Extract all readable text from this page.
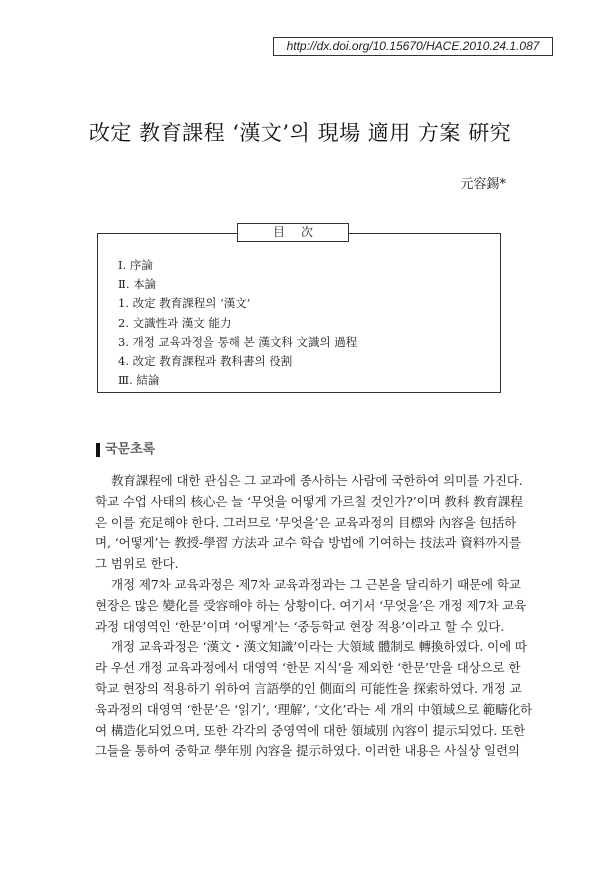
http://dx.doi.org/10.15670/HACE.2010.24.1.087
改定 教育課程 ‘漢文’의 現場 適用 方案 硏究
元容錫*
目次
Ⅰ. 序論
Ⅱ. 本論
1. 改定 教育課程의 ‘漢文’
2. 文識性과 漢文 能力
3. 개정 교육과정을 통해 본 漢文科 文識의 過程
4. 改定 教育課程과 教科書의 役割
Ⅲ. 結論
국문초록
教育課程에 대한 관심은 그 교과에 종사하는 사람에 국한하여 의미를 가진다.
학교 수업 사태의 核心은 늘 ‘무엇을 어떻게 가르칠 것인가?’이며 教科 教育課程
은 이를 充足해야 한다. 그러므로 ‘무엇을’은 교육과정의 目標와 內容을 包括하
며, ‘어떻게’는 教授-學習 方法과 교수 학습 방법에 기여하는 技法과 資料까지를
그 범위로 한다.
개정 제7차 교육과정은 제7차 교육과정과는 그 근본을 달리하기 때문에 학교
현장은 많은 變化를 受容해야 하는 상황이다. 여기서 ‘무엇을’은 개정 제7차 교육
과정 대영역인 ‘한문’이며 ‘어떻게’는 ‘중등학교 현장 적용’이라고 할 수 있다.
개정 교육과정은 ‘漢文・漢文知識’이라는 大領域 體制로 轉換하였다. 이에 따
라 우선 개정 교육과정에서 대영역 ‘한문 지식’을 제외한 ‘한문’만을 대상으로 한
학교 현장의 적용하기 위하여 言語學的인 側面의 可能性을 探索하였다. 개정 교
육과정의 대영역 ‘한문’은 ‘읽기’, ‘理解’, ‘文化’라는 세 개의 中領域으로 範疇化하
여 構造化되었으며, 또한 각각의 중영역에 대한 領域別 內容이 提示되었다. 또한
그들을 통하여 중학교 學年別 內容을 提示하였다. 이러한 내용은 사실상 일련의
